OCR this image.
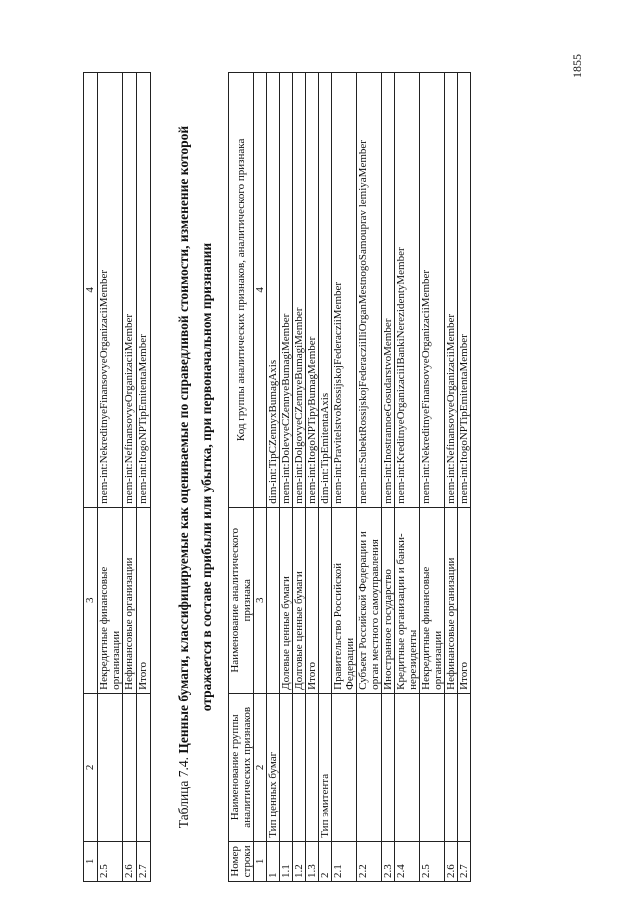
1855
1	2	3	4
2.5		Некредитные финансовые организации	mem-int:NekreditnyeFinansovyeOrganizaciiMember
2.6		Нефинансовые организации	mem-int:NefinansovyeOrganizaciiMember
2.7		Итого	mem-int:ItogoNPTipEmitentaMember
Таблица 7.4. Ценные бумаги, классифицируемые как оцениваемые по справедливой стоимости, изменение которой отражается в составе прибыли или убытка, при первоначальном признании
Номер строки	Наименование группы аналитических признаков	Наименование аналитического признака	Код группы аналитических признаков, аналитического признака
1	2	3	4
1	Тип ценных бумаг		dim-int:TipCZennyxBumagAxis
1.1		Долевые ценные бумаги	mem-int:DolevyeCZennyeBumagiMember
1.2		Долговые ценные бумаги	mem-int:DolgovyeCZennyeBumagiMember
1.3		Итого	mem-int:ItogoNPTipyBumagMember
2	Тип эмитента		dim-int:TipEmitentaAxis
2.1		Правительство Российской Федерации	mem-int:PravitelstvoRossijskojFederacziiMember
2.2		Субъект Российской Федерации и орган местного самоуправления	mem-int:SubektRossijskojFederacziiIliOrganMestnogoSamouprav lemiyaMember
2.3		Иностранное государство	mem-int:InostrannoeGosudarstvoMember
2.4		Кредитные организации и банки-нерезиденты	mem-int:KreditnyeOrganizaciiIBankiNerezidentyMember
2.5		Некредитные финансовые организации	mem-int:NekreditnyeFinansovyeOrganizaciiMember
2.6		Нефинансовые организации	mem-int:NefinansovyeOrganizaciiMember
2.7		Итого	mem-int:ItogoNPTipEmitentaMember
